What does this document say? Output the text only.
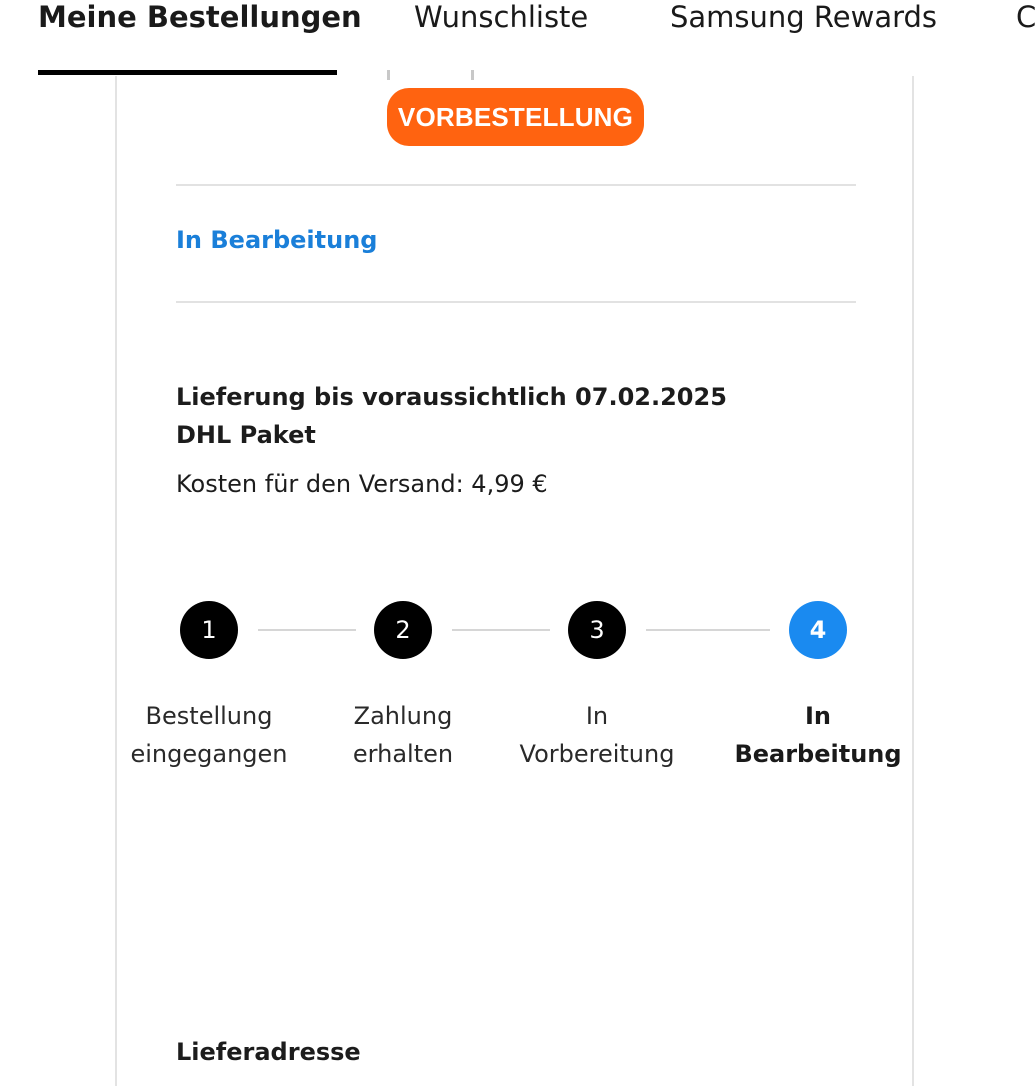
Meine Bestellungen Wunschliste	Samsung Rewards	C
VORBESTELLUNG
In Bearbeitung
Lieferung bis voraussichtlich 07.02.2025
DHL Paket
Kosten für den Versand: 4,99 €
1	2	3	4
Bestellung
eingegangen
Zahlung
erhalten
In
Vorbereitung
In
Bearbeitung
Lieferadresse
